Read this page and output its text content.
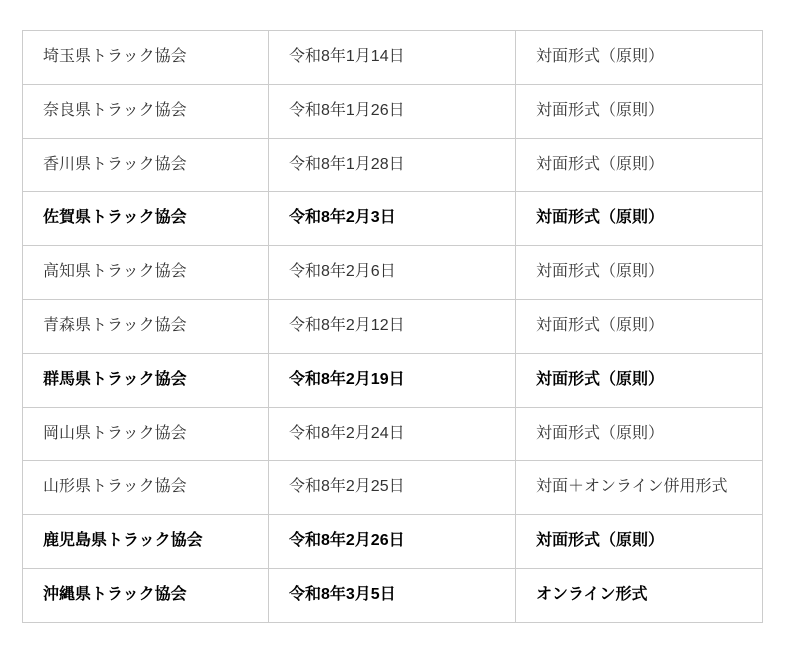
埼玉県トラック協会	令和8年1月14日	対面形式（原則）
奈良県トラック協会	令和8年1月26日	対面形式（原則）
香川県トラック協会	令和8年1月28日	対面形式（原則）
佐賀県トラック協会	令和8年2月3日	対面形式（原則）
高知県トラック協会	令和8年2月6日	対面形式（原則）
青森県トラック協会	令和8年2月12日	対面形式（原則）
群馬県トラック協会	令和8年2月19日	対面形式（原則）
岡山県トラック協会	令和8年2月24日	対面形式（原則）
山形県トラック協会	令和8年2月25日	対面＋オンライン併用形式
鹿児島県トラック協会	令和8年2月26日	対面形式（原則）
沖縄県トラック協会	令和8年3月5日	オンライン形式
